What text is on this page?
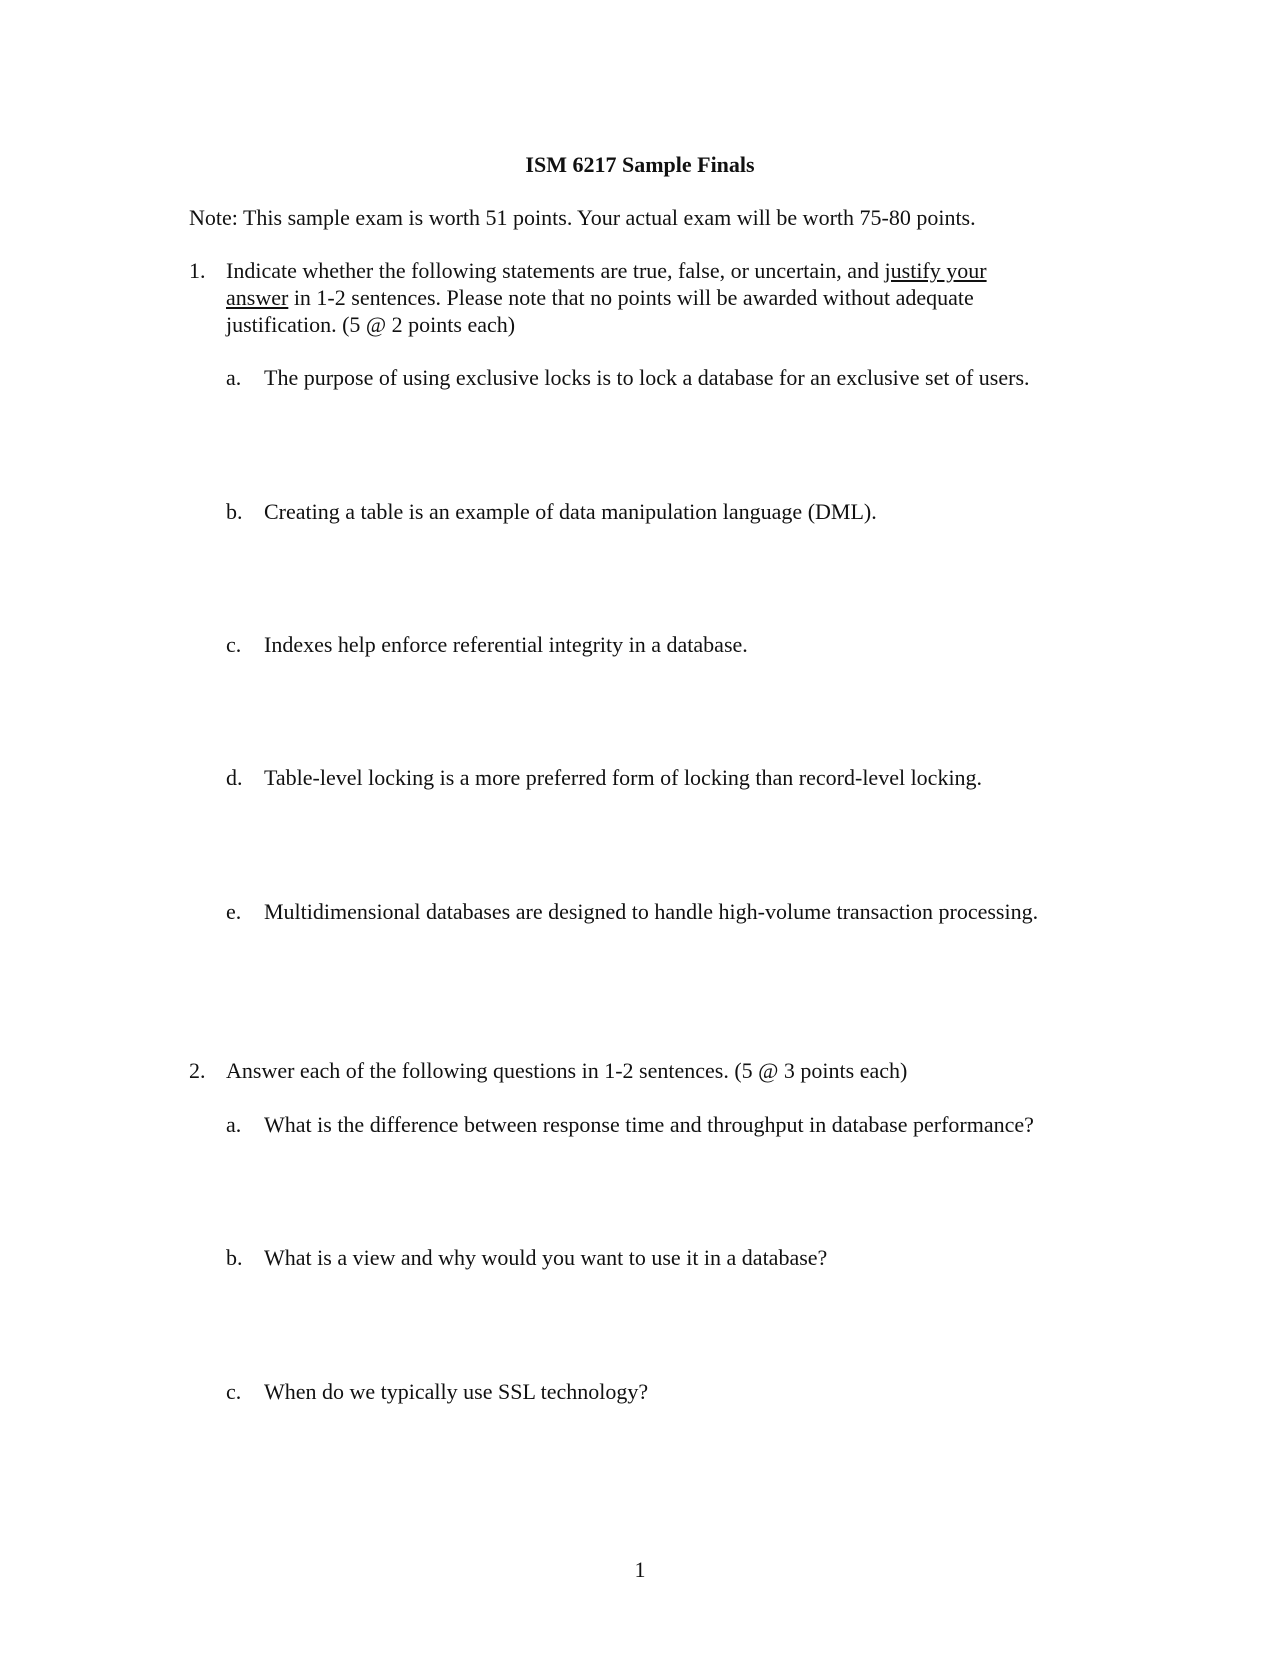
ISM 6217 Sample Finals
Note: This sample exam is worth 51 points. Your actual exam will be worth 75-80 points.
1. Indicate whether the following statements are true, false, or uncertain, and justify your answer in 1-2 sentences. Please note that no points will be awarded without adequate justification. (5 @ 2 points each)
a. The purpose of using exclusive locks is to lock a database for an exclusive set of users.
b. Creating a table is an example of data manipulation language (DML).
c. Indexes help enforce referential integrity in a database.
d. Table-level locking is a more preferred form of locking than record-level locking.
e. Multidimensional databases are designed to handle high-volume transaction processing.
2. Answer each of the following questions in 1-2 sentences. (5 @ 3 points each)
a. What is the difference between response time and throughput in database performance?
b. What is a view and why would you want to use it in a database?
c. When do we typically use SSL technology?
1
